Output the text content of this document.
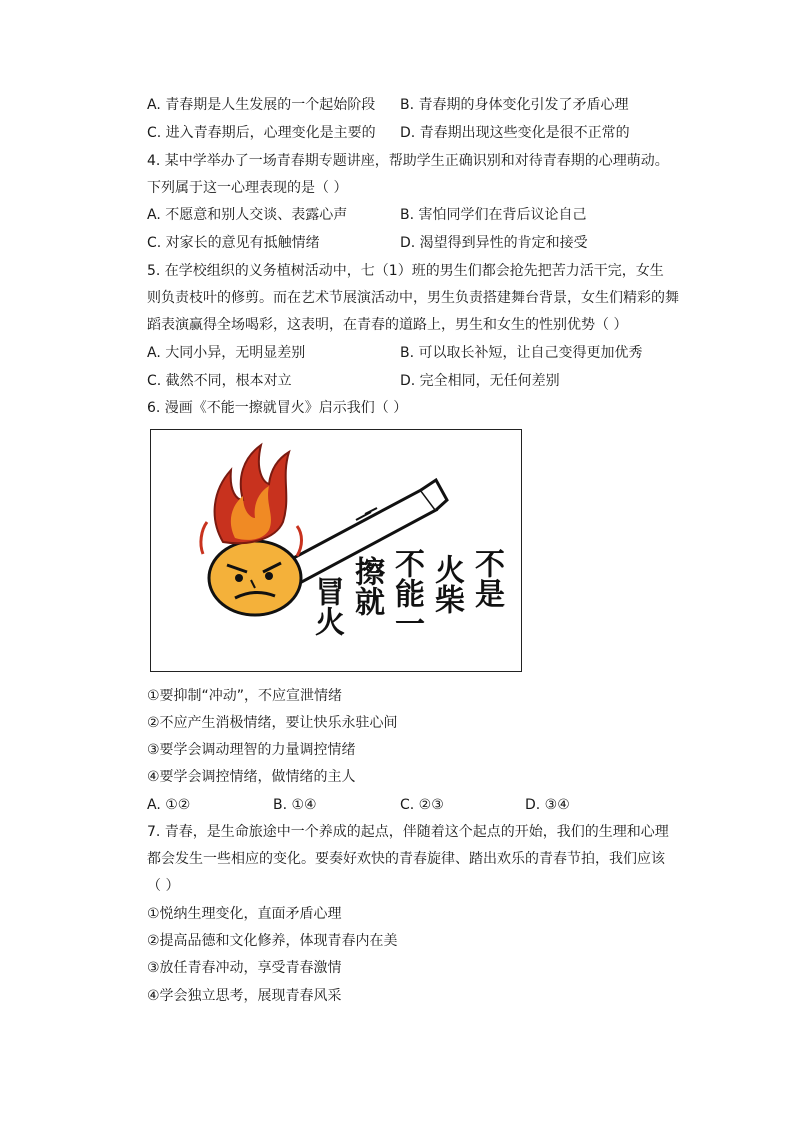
A. 青春期是人生发展的一个起始阶段 B. 青春期的身体变化引发了矛盾心理
C. 进入青春期后，心理变化是主要的 D. 青春期出现这些变化是很不正常的
4. 某中学举办了一场青春期专题讲座，帮助学生正确识别和对待青春期的心理萌动。
下列属于这一心理表现的是（ ）
A. 不愿意和别人交谈、表露心声	B. 害怕同学们在背后议论自己
C. 对家长的意见有抵触情绪	D. 渴望得到异性的肯定和接受
5. 在学校组织的义务植树活动中，七（1）班的男生们都会抢先把苦力活干完，女生
则负责枝叶的修剪。而在艺术节展演活动中，男生负责搭建舞台背景，女生们精彩的舞
蹈表演赢得全场喝彩，这表明，在青春的道路上，男生和女生的性别优势（ ）
A. 大同小异，无明显差别	B. 可以取长补短，让自己变得更加优秀
C. 截然不同，根本对立	D. 完全相同，无任何差别
6. 漫画《不能一擦就冒火》启示我们（ ）
不是
火柴
不能一
擦就
冒火
①要抑制“冲动”，不应宣泄情绪
②不应产生消极情绪，要让快乐永驻心间
③要学会调动理智的力量调控情绪
④要学会调控情绪，做情绪的主人
A. ①②	B. ①④	C. ②③	D. ③④
7. 青春，是生命旅途中一个养成的起点，伴随着这个起点的开始，我们的生理和心理
都会发生一些相应的变化。要奏好欢快的青春旋律、踏出欢乐的青春节拍，我们应该
（ ）
①悦纳生理变化，直面矛盾心理
②提高品德和文化修养，体现青春内在美
③放任青春冲动，享受青春激情
④学会独立思考，展现青春风采
